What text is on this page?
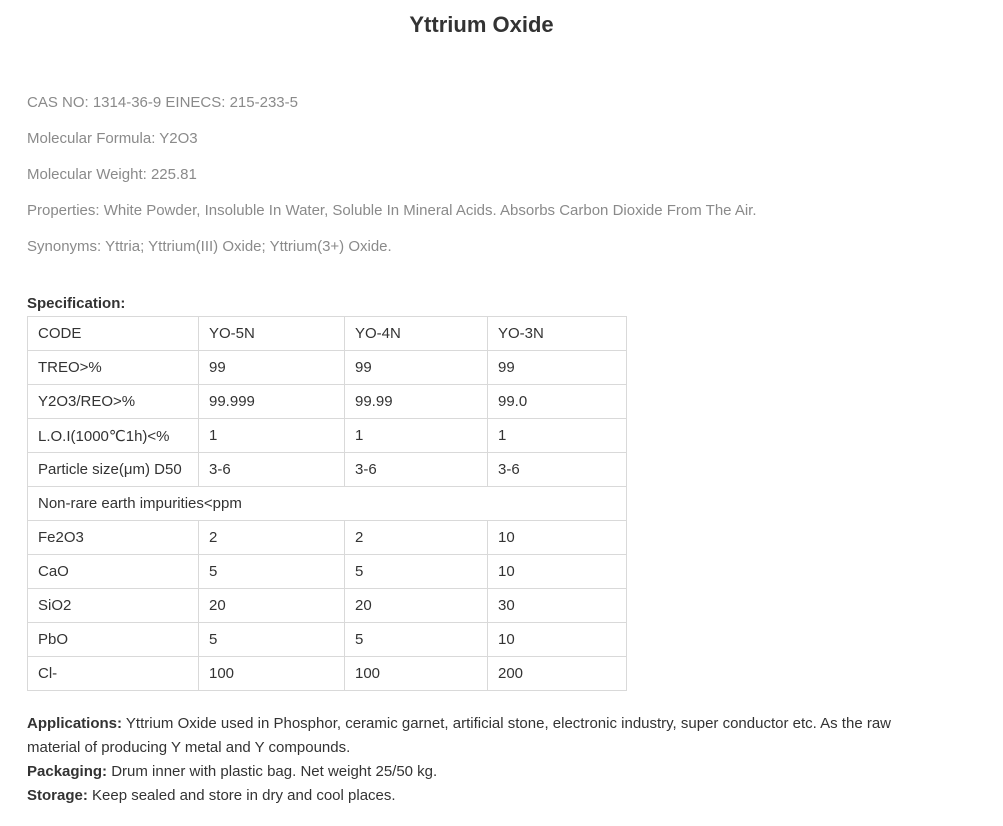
Yttrium Oxide
CAS NO: 1314-36-9 EINECS: 215-233-5
Molecular Formula: Y2O3
Molecular Weight: 225.81
Properties: White Powder, Insoluble In Water, Soluble In Mineral Acids. Absorbs Carbon Dioxide From The Air.
Synonyms: Yttria; Yttrium(III) Oxide; Yttrium(3+) Oxide.
Specification:
CODE	YO-5N	YO-4N	YO-3N
TREO>%	99	99	99
Y2O3/REO>%	99.999	99.99	99.0
L.O.I(1000℃1h)<%	1	1	1
Particle size(μm) D50	3-6	3-6	3-6
Non-rare earth impurities<ppm			
Fe2O3	2	2	10
CaO	5	5	10
SiO2	20	20	30
PbO	5	5	10
Cl-	100	100	200
Applications: Yttrium Oxide used in Phosphor, ceramic garnet, artificial stone, electronic industry, super conductor etc. As the raw material of producing Y metal and Y compounds.
Packaging: Drum inner with plastic bag. Net weight 25/50 kg.
Storage: Keep sealed and store in dry and cool places.
